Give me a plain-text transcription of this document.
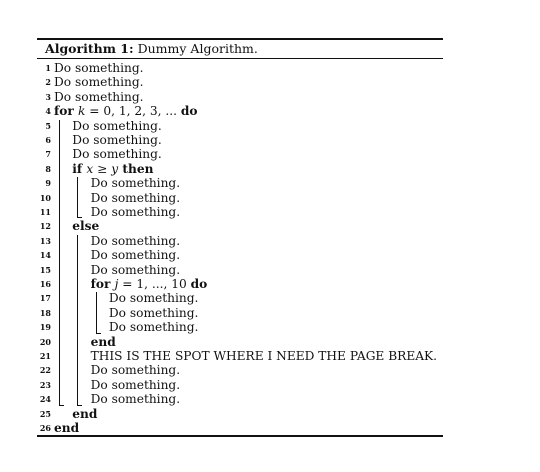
Algorithm 1: Dummy Algorithm.
1 Do something.
2 Do something.
3 Do something.
4 for k = 0, 1, 2, 3, ... do
5 Do something.
6 Do something.
7 Do something.
8 if x ≥ y then
9	Do something.
10	Do something.
11	Do something.
12 else
13	Do something.
14	Do something.
15	Do something.
16	for j = 1, ..., 10 do
17	Do something.
18	Do something.
19	Do something.
20	end
21	THIS IS THE SPOT WHERE I NEED THE PAGE BREAK.
22	Do something.
23	Do something.
24	Do something.
25 end
26 end
